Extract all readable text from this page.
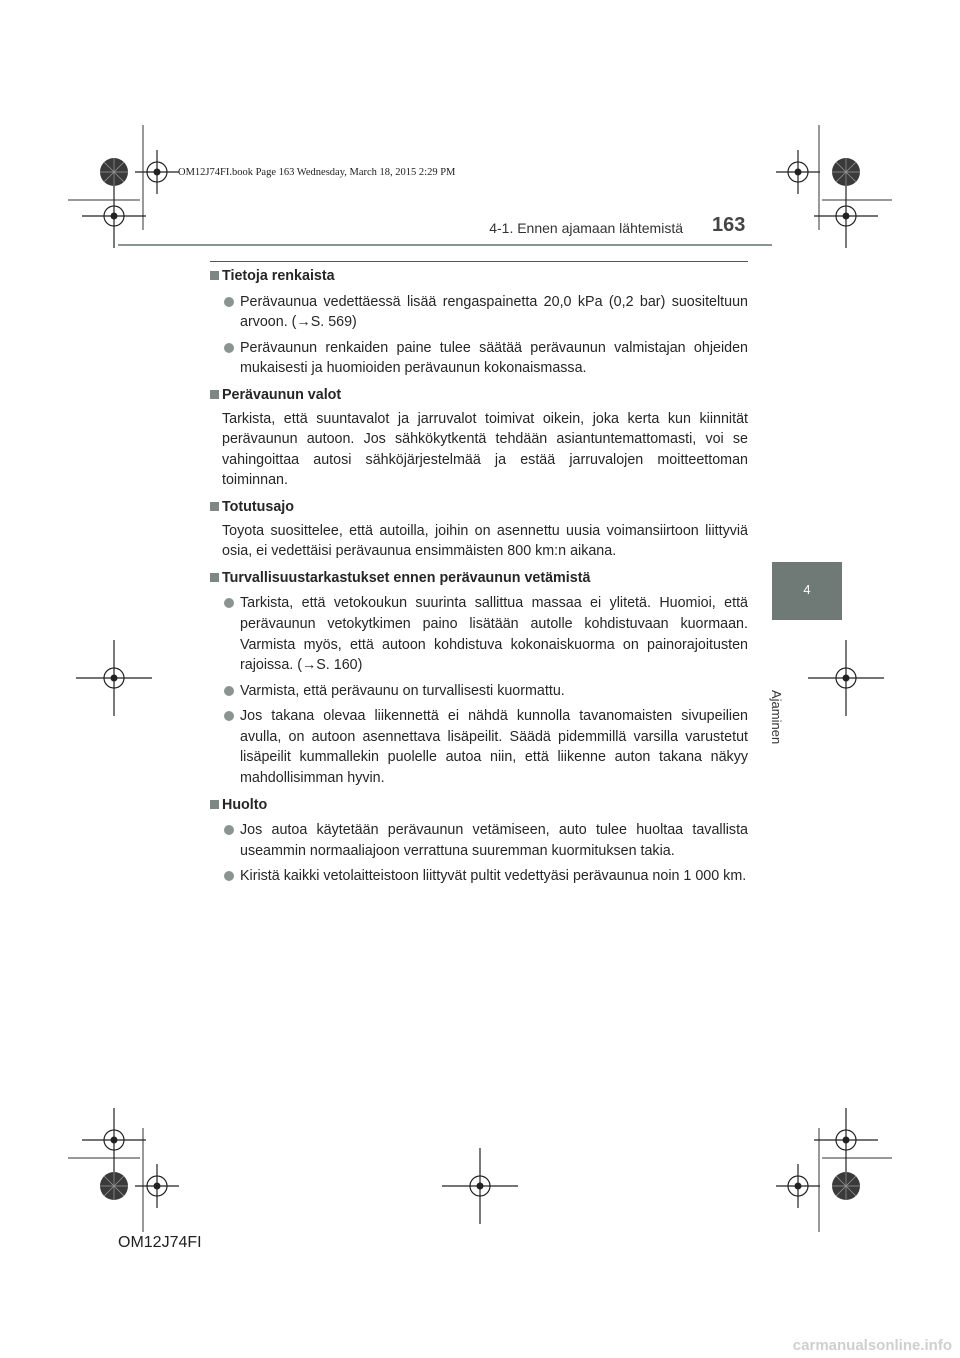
OM12J74FI.book Page 163 Wednesday, March 18, 2015 2:29 PM
4-1. Ennen ajamaan lähtemistä 163
4
Ajaminen
Tietoja renkaista
Perävaunua vedettäessä lisää rengaspainetta 20,0 kPa (0,2 bar) suositeltuun arvoon. (→S. 569)
Perävaunun renkaiden paine tulee säätää perävaunun valmistajan ohjeiden mukaisesti ja huomioiden perävaunun kokonaismassa.
Perävaunun valot
Tarkista, että suuntavalot ja jarruvalot toimivat oikein, joka kerta kun kiinnität perävaunun autoon. Jos sähkökytkentä tehdään asiantuntemattomasti, voi se vahingoittaa autosi sähköjärjestelmää ja estää jarruvalojen moitteettoman toiminnan.
Totutusajo
Toyota suosittelee, että autoilla, joihin on asennettu uusia voimansiirtoon liittyviä osia, ei vedettäisi perävaunua ensimmäisten 800 km:n aikana.
Turvallisuustarkastukset ennen perävaunun vetämistä
Tarkista, että vetokoukun suurinta sallittua massaa ei ylitetä. Huomioi, että perävaunun vetokytkimen paino lisätään autolle kohdistuvaan kuormaan. Varmista myös, että autoon kohdistuva kokonaiskuorma on painorajoitusten rajoissa. (→S. 160)
Varmista, että perävaunu on turvallisesti kuormattu.
Jos takana olevaa liikennettä ei nähdä kunnolla tavanomaisten sivupeilien avulla, on autoon asennettava lisäpeilit. Säädä pidemmillä varsilla varustetut lisäpeilit kummallekin puolelle autoa niin, että liikenne auton takana näkyy mahdollisimman hyvin.
Huolto
Jos autoa käytetään perävaunun vetämiseen, auto tulee huoltaa tavallista useammin normaaliajoon verrattuna suuremman kuormituksen takia.
Kiristä kaikki vetolaitteistoon liittyvät pultit vedettyäsi perävaunua noin 1 000 km.
OM12J74FI
carmanualsonline.info
